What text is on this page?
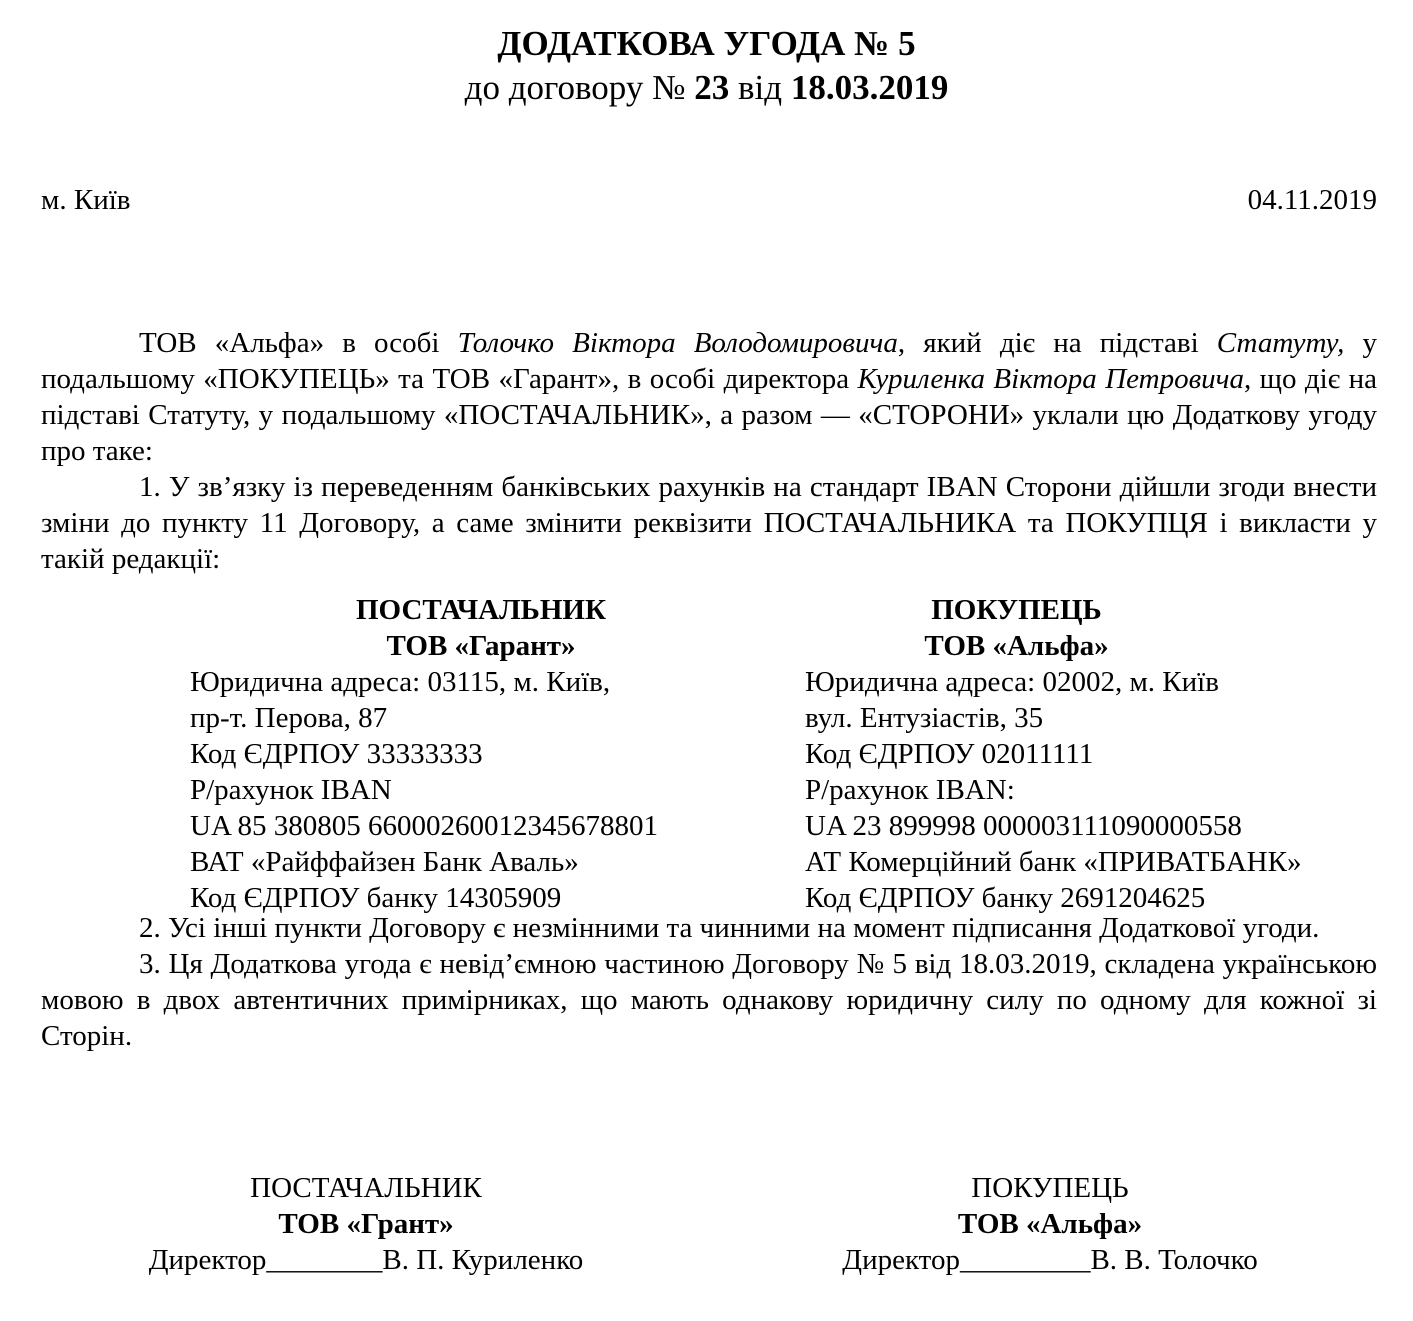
ДОДАТКОВА УГОДА № 5
до договору № 23 від 18.03.2019
м. Київ	04.11.2019

ТОВ «Альфа» в особі Толочко Віктора Володомировича, який діє на підставі Статуту, у подальшому «ПОКУПЕЦЬ» та ТОВ «Гарант», в особі директора Куриленка Віктора Петровича, що діє на підставі Статуту, у подальшому «ПОСТАЧАЛЬНИК», а разом — «СТОРОНИ» уклали цю Додаткову угоду про таке:

1. У зв’язку із переведенням банківських рахунків на стандарт IBAN Сторони дійшли згоди внести зміни до пункту 11 Договору, а саме змінити реквізити ПОСТАЧАЛЬНИКА та ПОКУПЦЯ і викласти у такій редакції:

ПОСТАЧАЛЬНИК
ТОВ «Гарант»
Юридична адреса: 03115, м. Київ,
пр-т. Перова, 87
Код ЄДРПОУ 33333333
Р/рахунок IBAN
UA 85 380805 66000260012345678801
ВАТ «Райффайзен Банк Аваль»
Код ЄДРПОУ банку 14305909
ПОКУПЕЦЬ
ТОВ «Альфа»
Юридична адреса: 02002, м. Київ
вул. Ентузіастів, 35
Код ЄДРПОУ 02011111
Р/рахунок IBAN:
UA 23 899998 000003111090000558
АТ Комерційний банк «ПРИВАТБАНК»
Код ЄДРПОУ банку 2691204625

2. Усі інші пункти Договору є незмінними та чинними на момент підписання Додаткової угоди.

3. Ця Додаткова угода є невід’ємною частиною Договору № 5 від 18.03.2019, складена українською мовою в двох автентичних примірниках, що мають однакову юридичну силу по одному для кожної зі Сторін.

ПОСТАЧАЛЬНИК
ТОВ «Грант»
Директор________В. П. Куриленко
ПОКУПЕЦЬ
ТОВ «Альфа»
Директор_________В. В. Толочко
